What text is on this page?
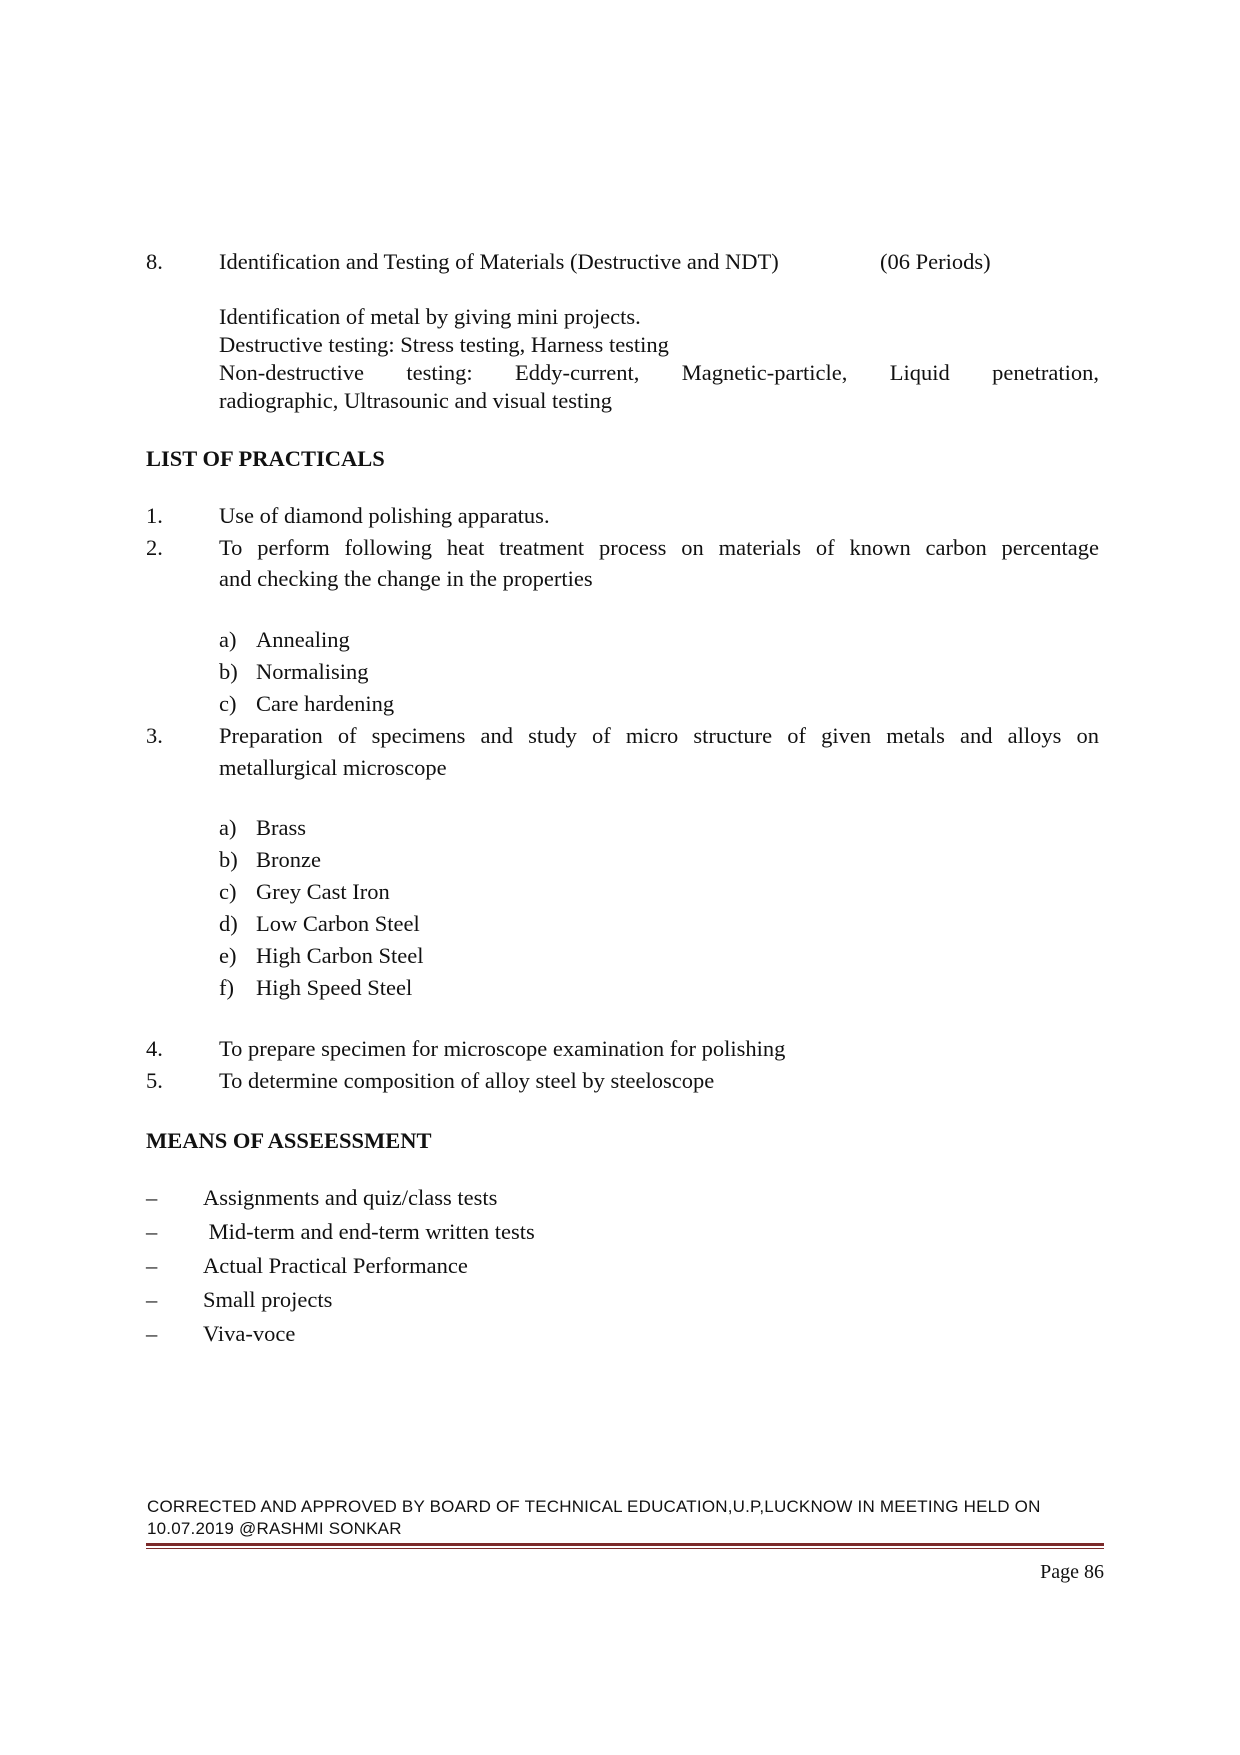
8. Identification and Testing of Materials (Destructive and NDT)	(06 Periods)
Identification of metal by giving mini projects.
Destructive testing: Stress testing, Harness testing
Non-destructive testing: Eddy-current, Magnetic-particle, Liquid penetration,
radiographic, Ultrasounic and visual testing
LIST OF PRACTICALS
1. Use of diamond polishing apparatus.
2. To perform following heat treatment process on materials of known carbon percentage
and checking the change in the properties
a) Annealing
b) Normalising
c) Care hardening
3. Preparation of specimens and study of micro structure of given metals and alloys on
metallurgical microscope
a) Brass
b) Bronze
c) Grey Cast Iron
d) Low Carbon Steel
e) High Carbon Steel
f) High Speed Steel
4. To prepare specimen for microscope examination for polishing
5. To determine composition of alloy steel by steeloscope
MEANS OF ASSEESSMENT
– Assignments and quiz/class tests
– Mid-term and end-term written tests
– Actual Practical Performance
– Small projects
– Viva-voce
CORRECTED AND APPROVED BY BOARD OF TECHNICAL EDUCATION,U.P,LUCKNOW IN MEETING HELD ON
10.07.2019 @RASHMI SONKAR
Page 86
